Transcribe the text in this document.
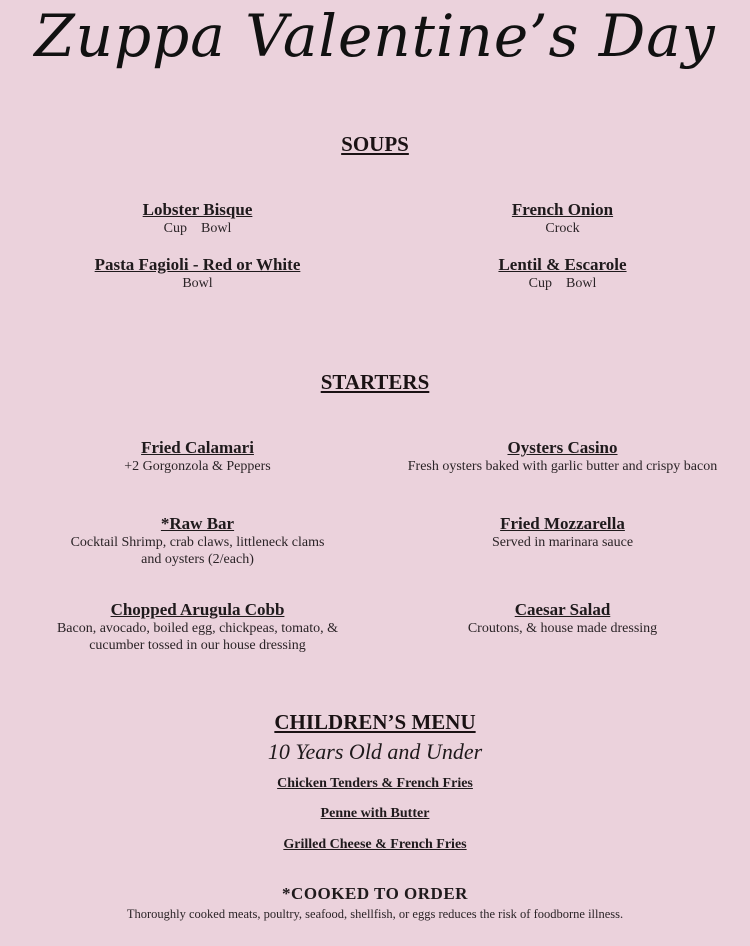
Zuppa Valentine’s Day
SOUPS
Lobster Bisque
Cup    Bowl
French Onion
Crock
Pasta Fagioli - Red or White
Bowl
Lentil & Escarole
Cup    Bowl
STARTERS
Fried Calamari
+2 Gorgonzola & Peppers
Oysters Casino
Fresh oysters baked with garlic butter and crispy bacon
*Raw Bar
Cocktail Shrimp, crab claws, littleneck clams and oysters (2/each)
Fried Mozzarella
Served in marinara sauce
Chopped Arugula Cobb
Bacon, avocado, boiled egg, chickpeas, tomato, & cucumber tossed in our house dressing
Caesar Salad
Croutons, & house made dressing
CHILDREN’S MENU
10 Years Old and Under
Chicken Tenders & French Fries
Penne with Butter
Grilled Cheese & French Fries
*COOKED TO ORDER
Thoroughly cooked meats, poultry, seafood, shellfish, or eggs reduces the risk of foodborne illness.
